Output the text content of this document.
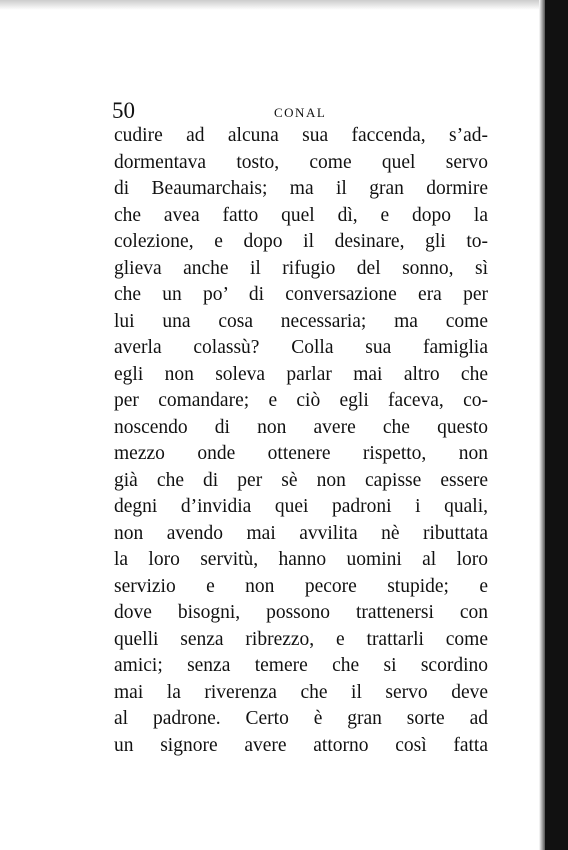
50	CONAL
cudire ad alcuna sua faccenda, s’ad-
dormentava tosto, come quel servo
di Beaumarchais; ma il gran dormire
che avea fatto quel dì, e dopo la
colezione, e dopo il desinare, gli to-
glieva anche il rifugio del sonno, sì
che un po’ di conversazione era per
lui una cosa necessaria; ma come
averla colassù? Colla sua famiglia
egli non soleva parlar mai altro che
per comandare; e ciò egli faceva, co-
noscendo di non avere che questo
mezzo onde ottenere rispetto, non
già che di per sè non capisse essere
degni d’invidia quei padroni i quali,
non avendo mai avvilita nè ributtata
la loro servitù, hanno uomini al loro
servizio e non pecore stupide; e
dove bisogni, possono trattenersi con
quelli senza ribrezzo, e trattarli come
amici; senza temere che si scordino
mai la riverenza che il servo deve
al padrone. Certo è gran sorte ad
un signore avere attorno così fatta
